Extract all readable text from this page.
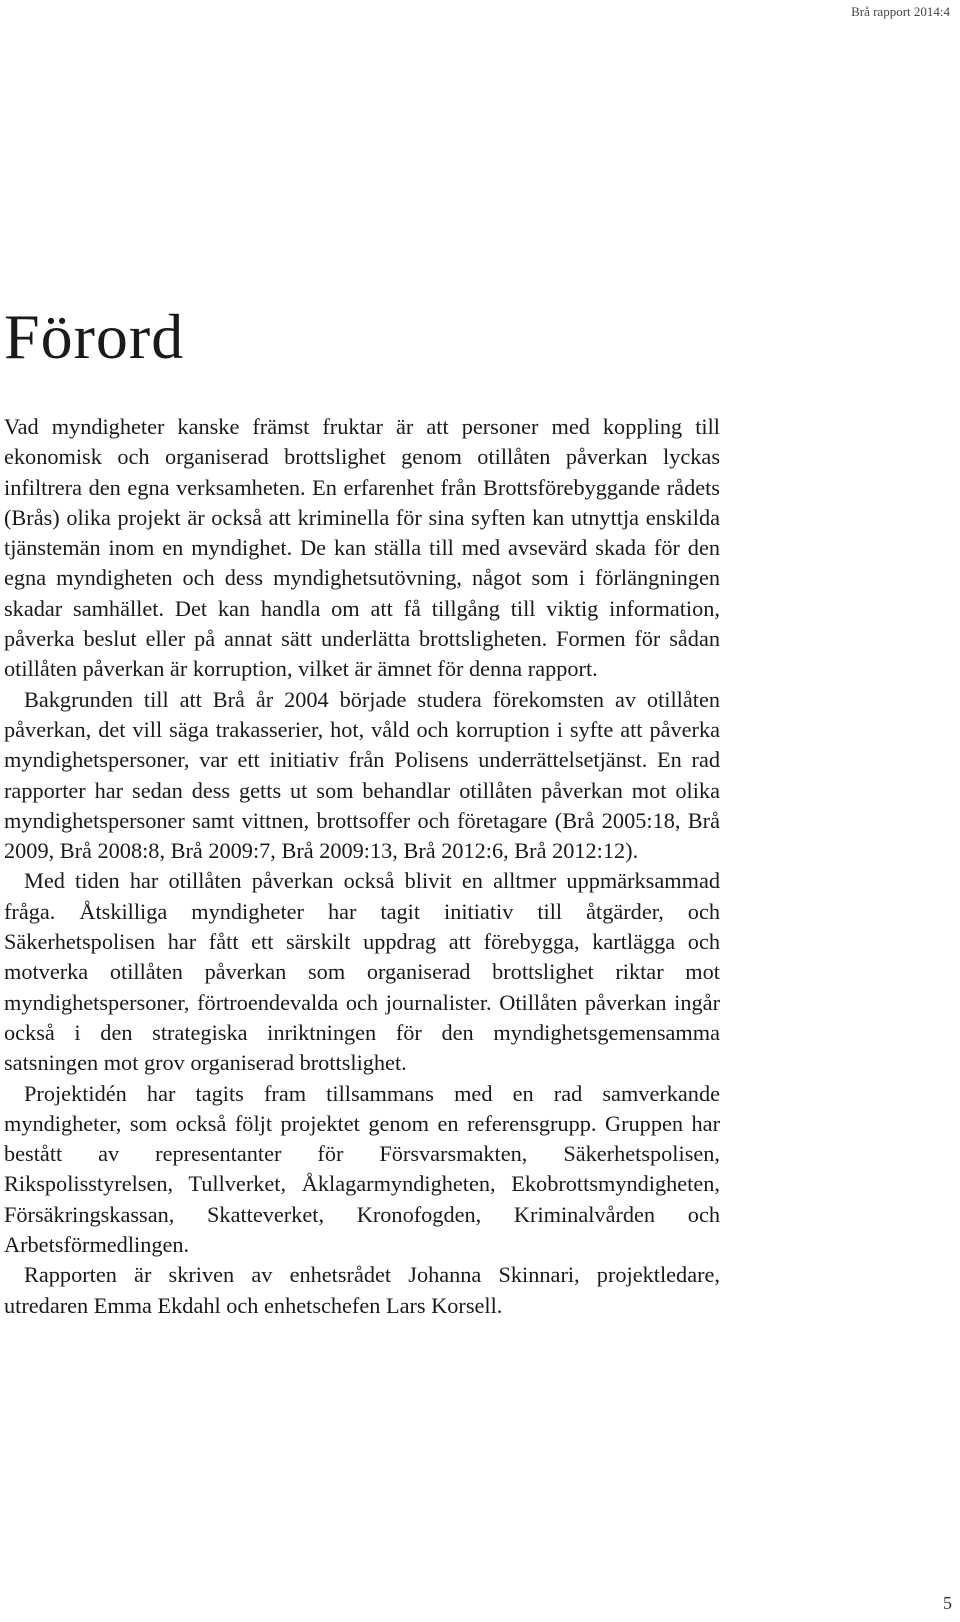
Brå rapport 2014:4
Förord

Vad myndigheter kanske främst fruktar är att personer med koppling till ekonomisk och organiserad brottslighet genom otillåten påverkan lyckas infiltrera den egna verksamheten. En erfarenhet från Brottsförebyggande rådets (Brås) olika projekt är också att kriminella för sina syften kan utnyttja enskilda tjänstemän inom en myndighet. De kan ställa till med avsevärd skada för den egna myndigheten och dess myndighetsutövning, något som i förlängningen skadar samhället. Det kan handla om att få tillgång till viktig information, påverka beslut eller på annat sätt underlätta brottsligheten. Formen för sådan otillåten påverkan är korruption, vilket är ämnet för denna rapport.

Bakgrunden till att Brå år 2004 började studera förekomsten av otillåten påverkan, det vill säga trakasserier, hot, våld och korruption i syfte att påverka myndighetspersoner, var ett initiativ från Polisens underrättelsetjänst. En rad rapporter har sedan dess getts ut som behandlar otillåten påverkan mot olika myndighetspersoner samt vittnen, brottsoffer och företagare (Brå 2005:18, Brå 2009, Brå 2008:8, Brå 2009:7, Brå 2009:13, Brå 2012:6, Brå 2012:12).

Med tiden har otillåten påverkan också blivit en alltmer uppmärksammad fråga. Åtskilliga myndigheter har tagit initiativ till åtgärder, och Säkerhetspolisen har fått ett särskilt uppdrag att förebygga, kartlägga och motverka otillåten påverkan som organiserad brottslighet riktar mot myndighetspersoner, förtroendevalda och journalister. Otillåten påverkan ingår också i den strategiska inriktningen för den myndighetsgemensamma satsningen mot grov organiserad brottslighet.

Projektidén har tagits fram tillsammans med en rad samverkande myndigheter, som också följt projektet genom en referensgrupp. Gruppen har bestått av representanter för Försvarsmakten, Säkerhetspolisen, Rikspolisstyrelsen, Tullverket, Åklagarmyndigheten, Ekobrottsmyndigheten, Försäkringskassan, Skatteverket, Kronofogden, Kriminalvården och Arbetsförmedlingen.

Rapporten är skriven av enhetsrådet Johanna Skinnari, projektledare, utredaren Emma Ekdahl och enhetschefen Lars Korsell.

5
